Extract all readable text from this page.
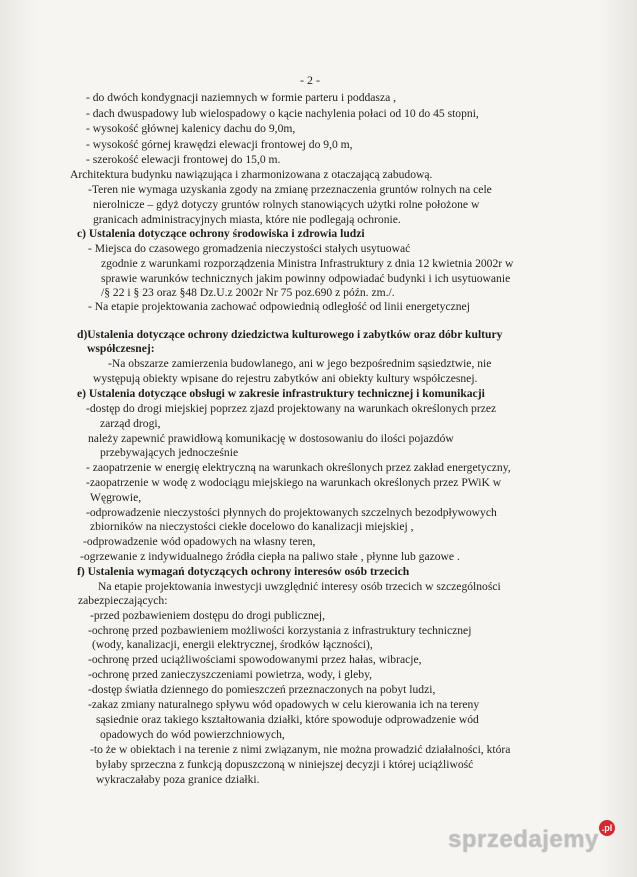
- 2 -
- do dwóch kondygnacji naziemnych w formie parteru i poddasza ,
- dach dwuspadowy lub wielospadowy o kącie nachylenia połaci od 10 do 45 stopni,
- wysokość głównej kalenicy dachu do 9,0m,
- wysokość górnej krawędzi elewacji frontowej do 9,0 m,
- szerokość elewacji frontowej do 15,0 m.
Architektura budynku nawiązująca i zharmonizowana z otaczającą zabudową.
-Teren nie wymaga uzyskania zgody na zmianę przeznaczenia gruntów rolnych na cele
nierolnicze – gdyż dotyczy gruntów rolnych stanowiących użytki rolne położone w
granicach administracyjnych miasta, które nie podlegają ochronie.
c) Ustalenia dotyczące ochrony środowiska i zdrowia ludzi
- Miejsca do czasowego gromadzenia nieczystości stałych usytuować
zgodnie z warunkami rozporządzenia Ministra Infrastruktury z dnia 12 kwietnia 2002r w
sprawie warunków technicznych jakim powinny odpowiadać budynki i ich usytuowanie
/§ 22 i § 23 oraz §48 Dz.U.z 2002r Nr 75 poz.690 z późn. zm./.
- Na etapie projektowania zachować odpowiednią odległość od linii energetycznej
d)Ustalenia dotyczące ochrony dziedzictwa kulturowego i zabytków oraz dóbr kultury
współczesnej:
-Na obszarze zamierzenia budowlanego, ani w jego bezpośrednim sąsiedztwie, nie
występują obiekty wpisane do rejestru zabytków ani obiekty kultury współczesnej.
e) Ustalenia dotyczące obsługi w zakresie infrastruktury technicznej i komunikacji
-dostęp do drogi miejskiej poprzez zjazd projektowany na warunkach określonych przez
zarząd drogi,
należy zapewnić prawidłową komunikację w dostosowaniu do ilości pojazdów
przebywających jednocześnie
- zaopatrzenie w energię elektryczną na warunkach określonych przez zakład energetyczny,
-zaopatrzenie w wodę z wodociągu miejskiego na warunkach określonych przez PWiK w
Węgrowie,
-odprowadzenie nieczystości płynnych do projektowanych szczelnych bezodpływowych
zbiorników na nieczystości ciekłe docelowo do kanalizacji miejskiej ,
-odprowadzenie wód opadowych na własny teren,
-ogrzewanie z indywidualnego źródła ciepła na paliwo stałe , płynne lub gazowe .
f) Ustalenia wymagań dotyczących ochrony interesów osób trzecich
Na etapie projektowania inwestycji uwzględnić interesy osób trzecich w szczególności
zabezpieczających:
-przed pozbawieniem dostępu do drogi publicznej,
-ochronę przed pozbawieniem możliwości korzystania z infrastruktury technicznej
(wody, kanalizacji, energii elektrycznej, środków łączności),
-ochronę przed uciążliwościami spowodowanymi przez hałas, wibracje,
-ochronę przed zanieczyszczeniami powietrza, wody, i gleby,
-dostęp światła dziennego do pomieszczeń przeznaczonych na pobyt ludzi,
-zakaz zmiany naturalnego spływu wód opadowych w celu kierowania ich na tereny
sąsiednie oraz takiego kształtowania działki, które spowoduje odprowadzenie wód
opadowych do wód powierzchniowych,
-to że w obiektach i na terenie z nimi związanym, nie można prowadzić działalności, która
byłaby sprzeczna z funkcją dopuszczoną w niniejszej decyzji i której uciążliwość
wykraczałaby poza granice działki.
sprzedajemy .pl
